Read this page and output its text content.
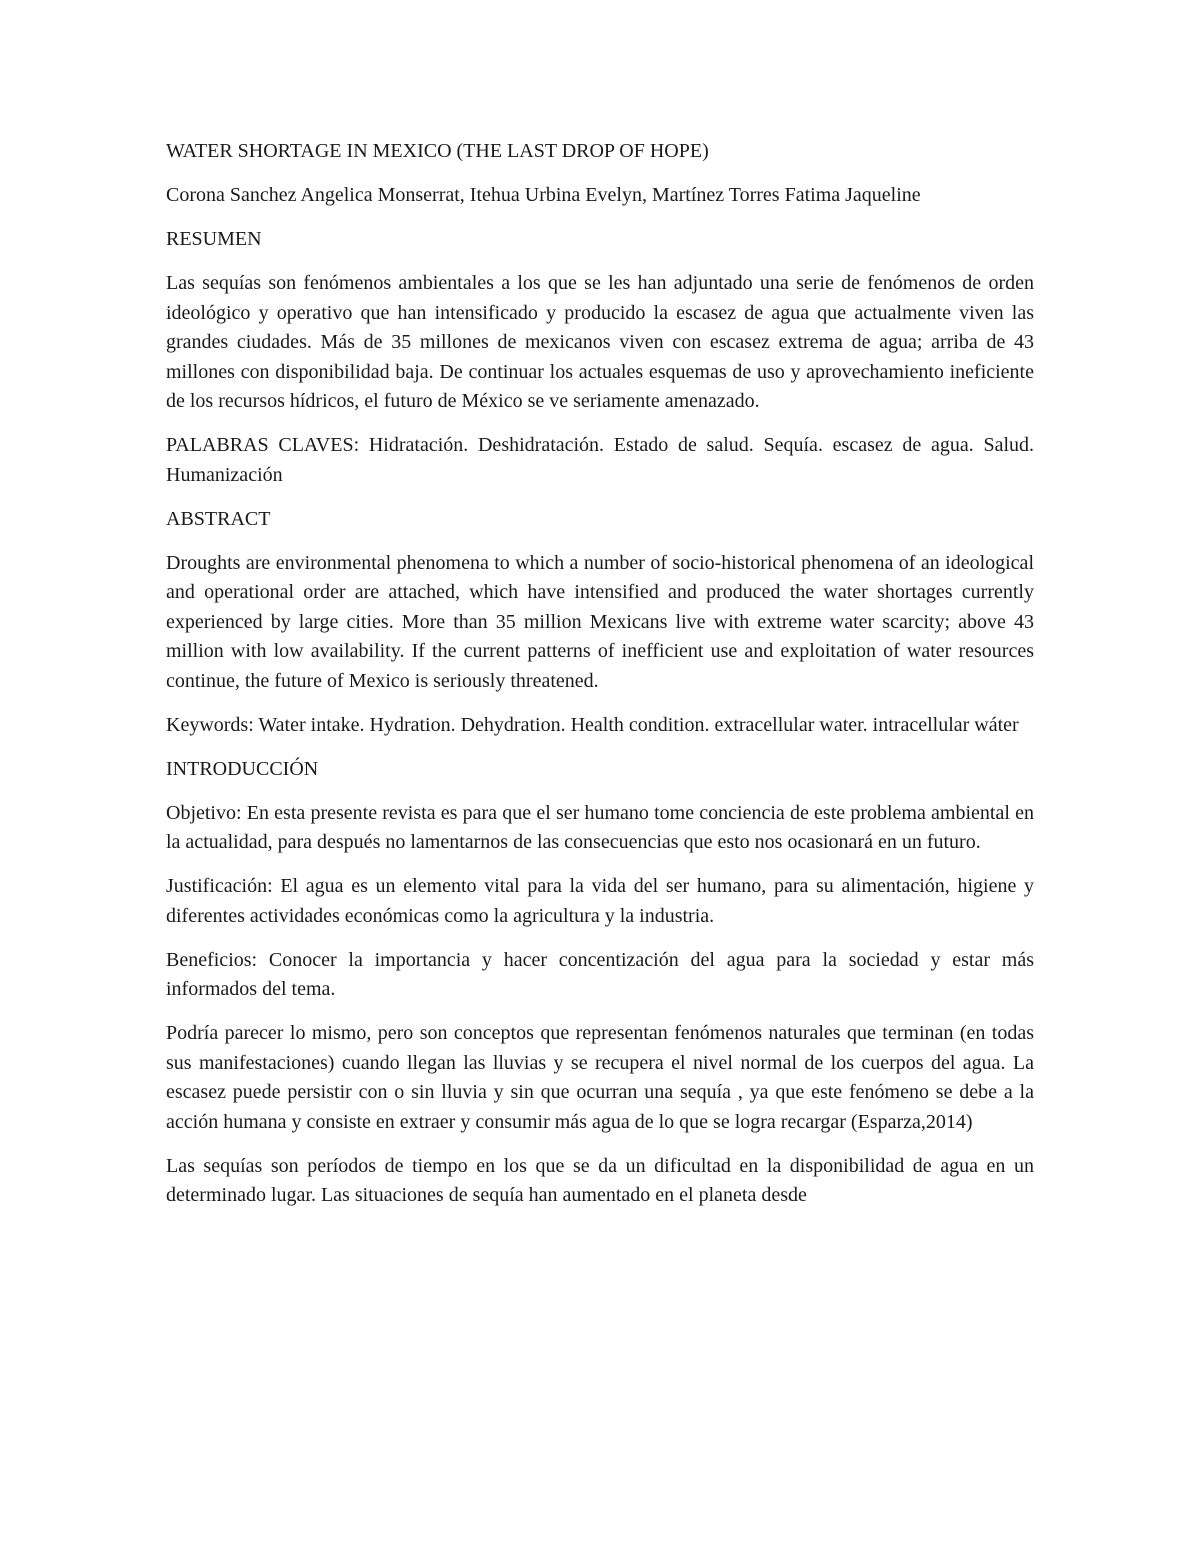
WATER SHORTAGE IN MEXICO (THE LAST DROP OF HOPE)

Corona Sanchez Angelica Monserrat, Itehua Urbina Evelyn, Martínez Torres Fatima Jaqueline

RESUMEN

Las sequías son fenómenos ambientales a los que se les han adjuntado una serie de fenómenos de orden ideológico y operativo que han intensificado y producido la escasez de agua que actualmente viven las grandes ciudades. Más de 35 millones de mexicanos viven con escasez extrema de agua; arriba de 43 millones con disponibilidad baja. De continuar los actuales esquemas de uso y aprovechamiento ineficiente de los recursos hídricos, el futuro de México se ve seriamente amenazado.

PALABRAS CLAVES: Hidratación. Deshidratación. Estado de salud. Sequía. escasez de agua. Salud. Humanización

ABSTRACT

Droughts are environmental phenomena to which a number of socio-historical phenomena of an ideological and operational order are attached, which have intensified and produced the water shortages currently experienced by large cities. More than 35 million Mexicans live with extreme water scarcity; above 43 million with low availability. If the current patterns of inefficient use and exploitation of water resources continue, the future of Mexico is seriously threatened.

Keywords: Water intake. Hydration. Dehydration. Health condition. extracellular water. intracellular wáter

INTRODUCCIÓN

Objetivo: En esta presente revista es para que el ser humano tome conciencia de este problema ambiental en la actualidad, para después no lamentarnos de las consecuencias que esto nos ocasionará en un futuro.

Justificación: El agua es un elemento vital para la vida del ser humano, para su alimentación, higiene y diferentes actividades económicas como la agricultura y la industria.

Beneficios: Conocer la importancia y hacer concentización del agua para la sociedad y estar más informados del tema.

Podría parecer lo mismo, pero son conceptos que representan fenómenos naturales que terminan (en todas sus manifestaciones) cuando llegan las lluvias y se recupera el nivel normal de los cuerpos del agua. La escasez puede persistir con o sin lluvia y sin que ocurran una sequía , ya que este fenómeno se debe a la acción humana y consiste en extraer y consumir más agua de lo que se logra recargar (Esparza,2014)

Las sequías son períodos de tiempo en los que se da un dificultad en la disponibilidad de agua en un determinado lugar. Las situaciones de sequía han aumentado en el planeta desde
